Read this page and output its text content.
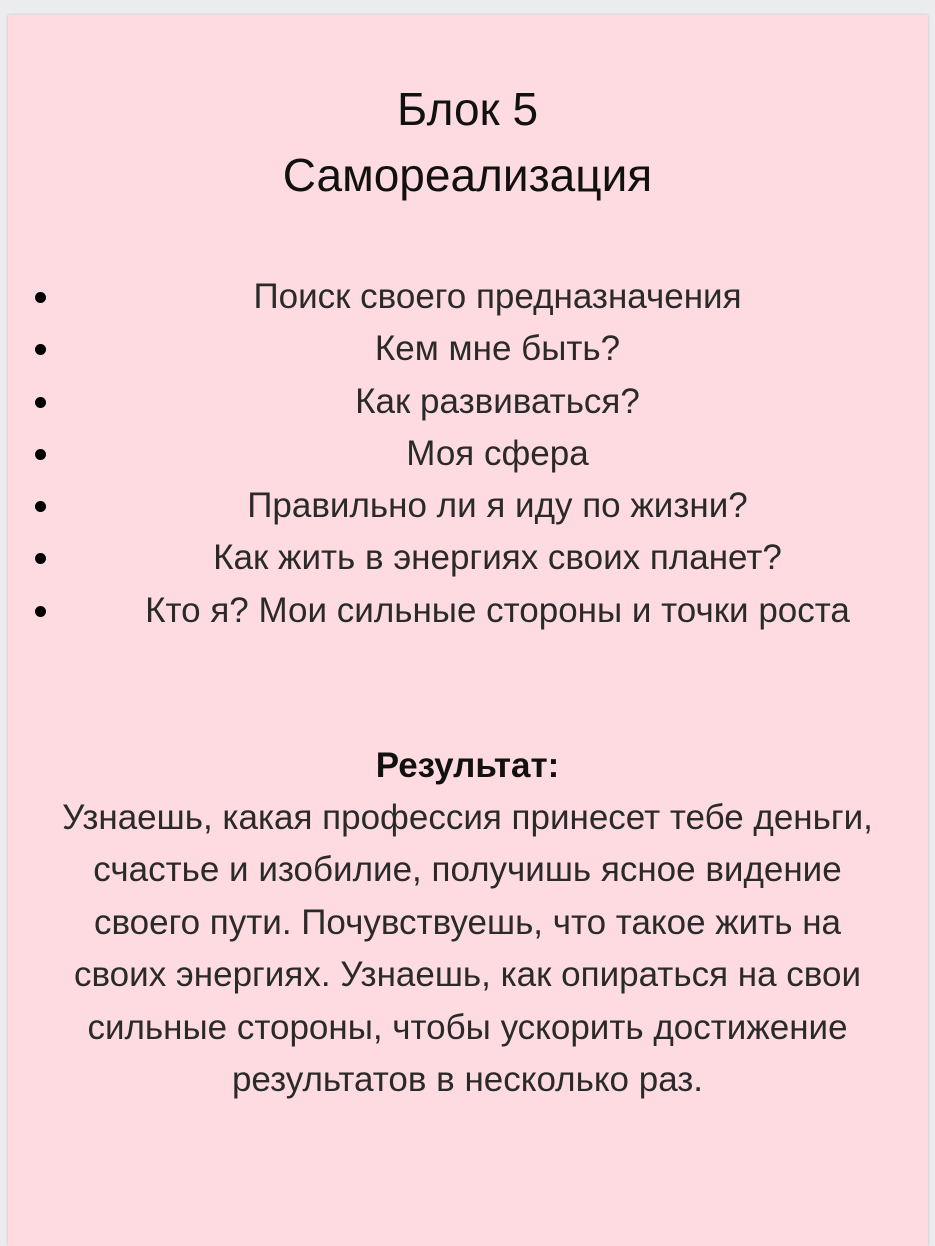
Блок 5
Самореализация
Поиск своего предназначения
Кем мне быть?
Как развиваться?
Моя сфера
Правильно ли я иду по жизни?
Как жить в энергиях своих планет?
Кто я? Мои сильные стороны и точки роста
Результат:
Узнаешь, какая профессия принесет тебе деньги,
счастье и изобилие, получишь ясное видение
своего пути. Почувствуешь, что такое жить на
своих энергиях. Узнаешь, как опираться на свои
сильные стороны, чтобы ускорить достижение
результатов в несколько раз.
